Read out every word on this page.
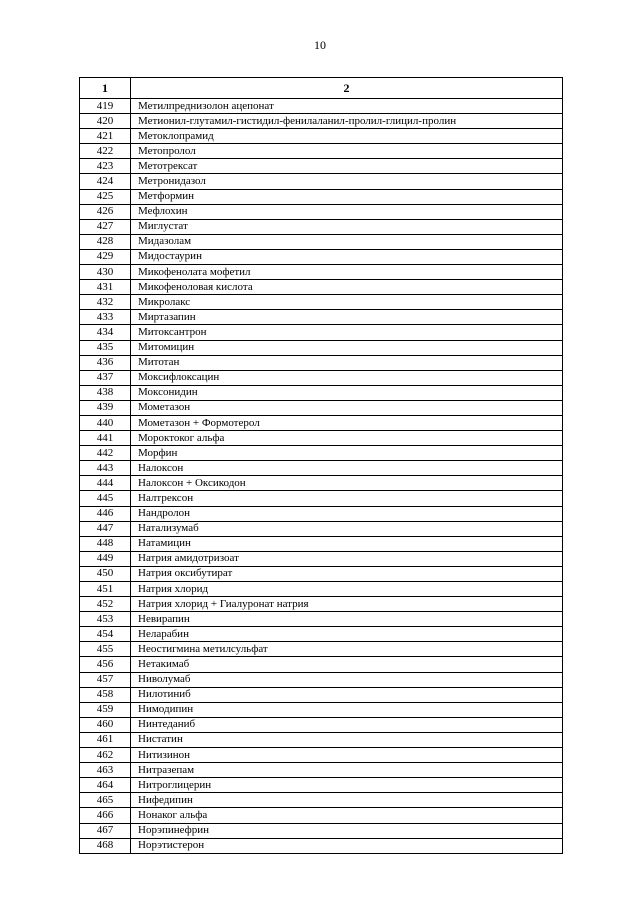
10
1	2
419	Метилпреднизолон ацепонат
420	Метионил-глутамил-гистидил-фенилаланил-пролил-глицил-пролин
421	Метоклопрамид
422	Метопролол
423	Метотрексат
424	Метронидазол
425	Метформин
426	Мефлохин
427	Миглустат
428	Мидазолам
429	Мидостаурин
430	Микофенолата мофетил
431	Микофеноловая кислота
432	Микролакс
433	Миртазапин
434	Митоксантрон
435	Митомицин
436	Митотан
437	Моксифлоксацин
438	Моксонидин
439	Мометазон
440	Мометазон + Формотерол
441	Мороктоког альфа
442	Морфин
443	Налоксон
444	Налоксон + Оксикодон
445	Налтрексон
446	Нандролон
447	Натализумаб
448	Натамицин
449	Натрия амидотризоат
450	Натрия оксибутират
451	Натрия хлорид
452	Натрия хлорид + Гиалуронат натрия
453	Невирапин
454	Неларабин
455	Неостигмина метилсульфат
456	Нетакимаб
457	Ниволумаб
458	Нилотиниб
459	Нимодипин
460	Нинтеданиб
461	Нистатин
462	Нитизинон
463	Нитразепам
464	Нитроглицерин
465	Нифедипин
466	Нонаког альфа
467	Норэпинефрин
468	Норэтистерон
